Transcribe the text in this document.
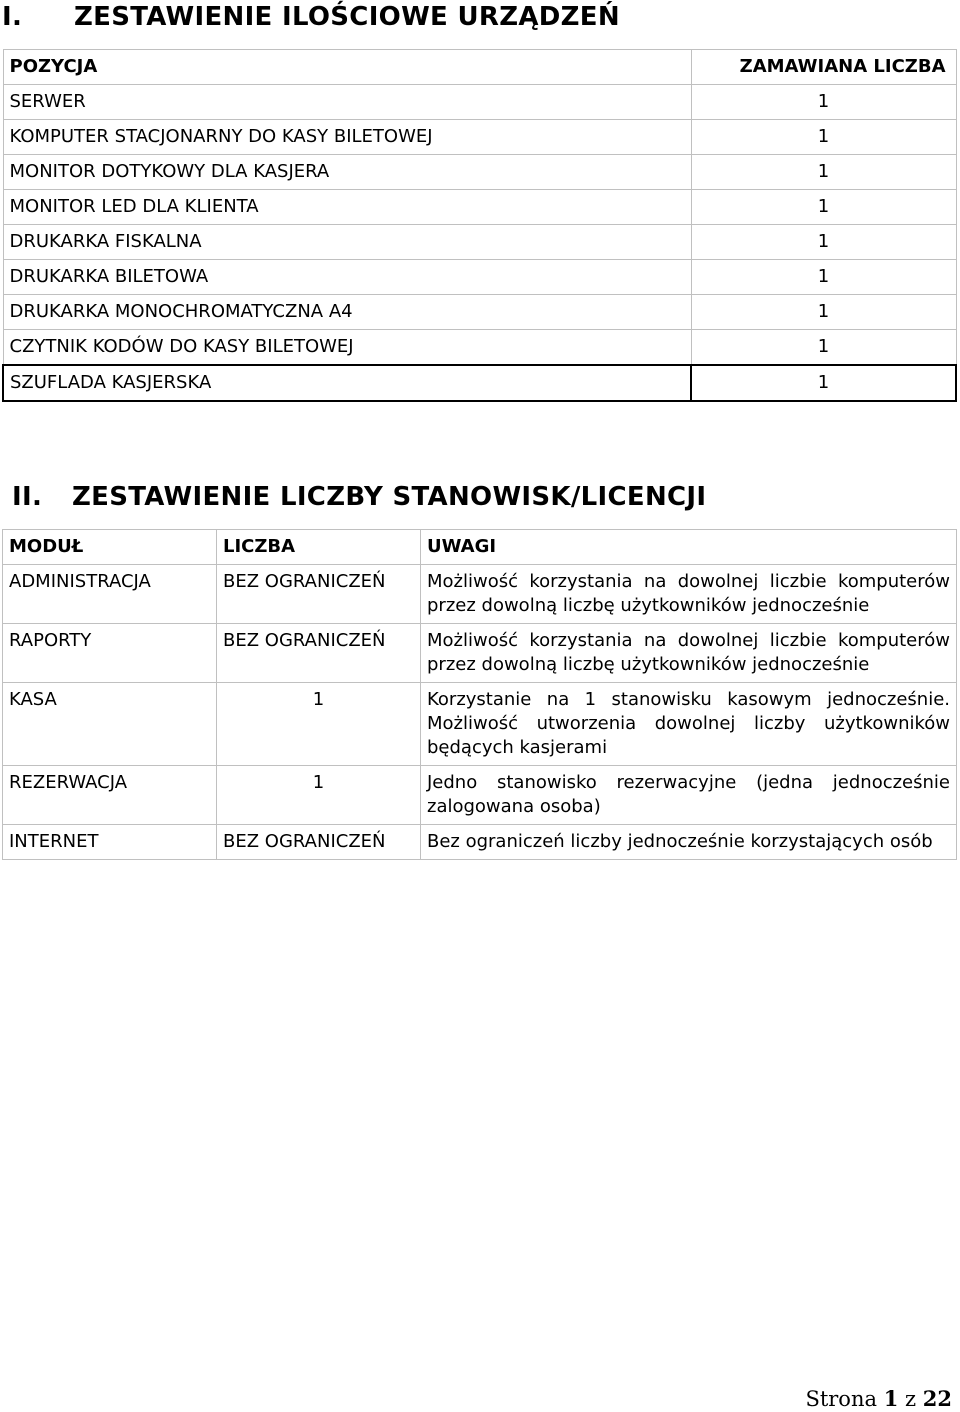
I. ZESTAWIENIE ILOŚCIOWE URZĄDZEŃ
POZYCJA	ZAMAWIANA LICZBA
SERWER	1
KOMPUTER STACJONARNY DO KASY BILETOWEJ	1
MONITOR DOTYKOWY DLA KASJERA	1
MONITOR LED DLA KLIENTA	1
DRUKARKA FISKALNA	1
DRUKARKA BILETOWA	1
DRUKARKA MONOCHROMATYCZNA A4	1
CZYTNIK KODÓW DO KASY BILETOWEJ	1
SZUFLADA KASJERSKA	1
II. ZESTAWIENIE LICZBY STANOWISK/LICENCJI
MODUŁ	LICZBA	UWAGI
ADMINISTRACJA	BEZ OGRANICZEŃ	Możliwość korzystania na dowolnej liczbie komputerów przez dowolną liczbę użytkowników jednocześnie
RAPORTY	BEZ OGRANICZEŃ	Możliwość korzystania na dowolnej liczbie komputerów przez dowolną liczbę użytkowników jednocześnie
KASA	1	Korzystanie na 1 stanowisku kasowym jednocześnie. Możliwość utworzenia dowolnej liczby użytkowników będących kasjerami
REZERWACJA	1	Jedno stanowisko rezerwacyjne (jedna jednocześnie zalogowana osoba)
INTERNET	BEZ OGRANICZEŃ	Bez ograniczeń liczby jednocześnie korzystających osób
Strona 1 z 22
